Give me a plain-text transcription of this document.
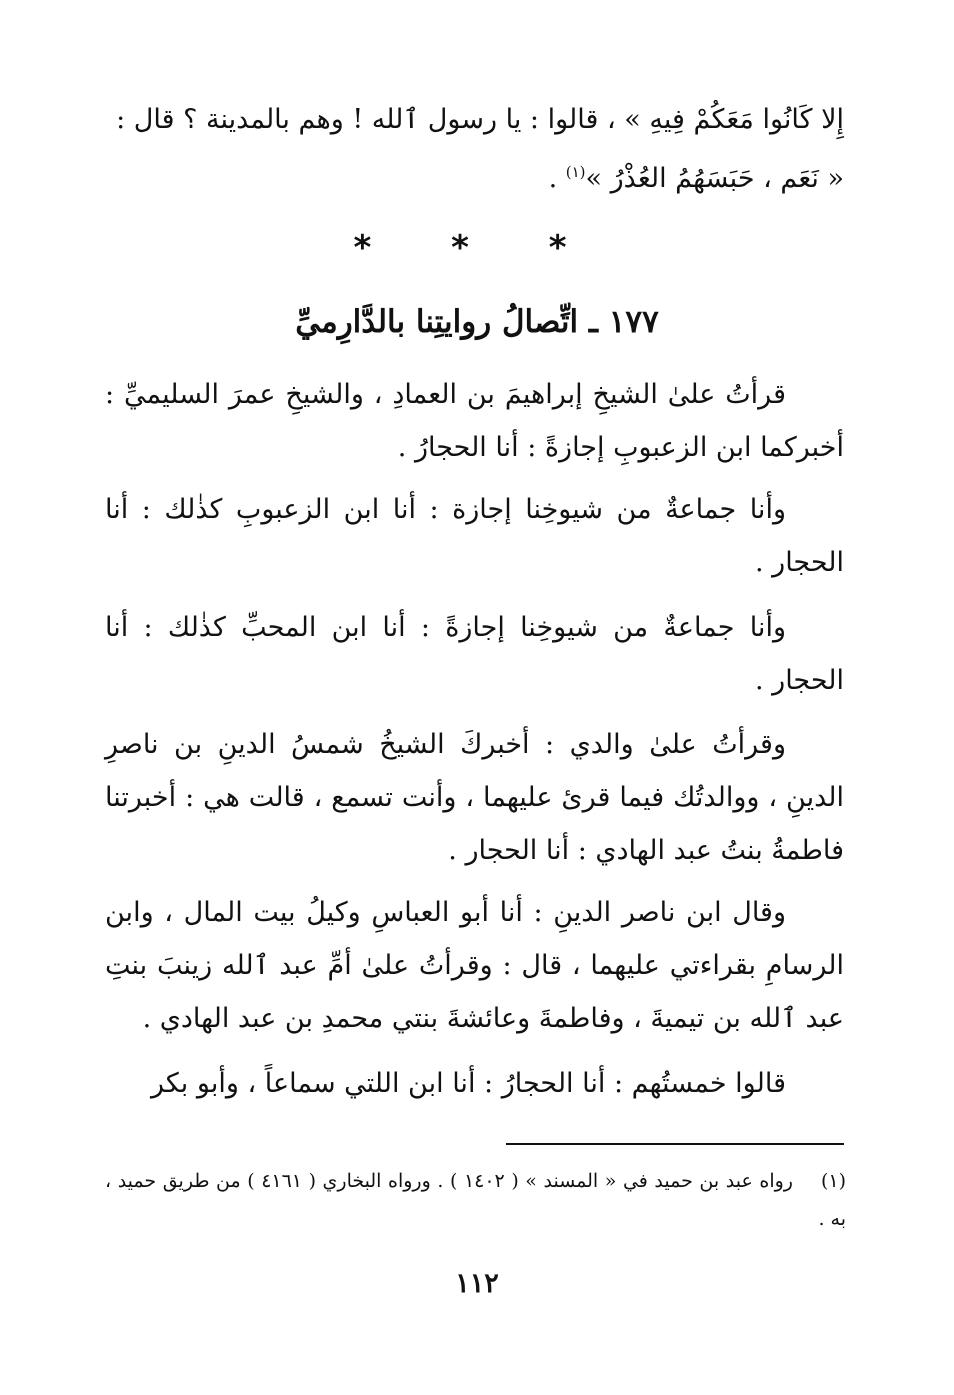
إِلا كَانُوا مَعَكُمْ فِيهِ » ، قالوا : يا رسول ٱلله ! وهم بالمدينة ؟ قال :

« نَعَم ، حَبَسَهُمُ العُذْرُ »$^{(١)}$ .

* * *
١٧٧ ـ اتِّصالُ روايتِنا بالدَّارِميِّ

قرأتُ علىٰ الشيخِ إبراهيمَ بن العمادِ ، والشيخِ عمرَ السليميِّ : أخبركما ابن الزعبوبِ إجازةً : أنا الحجارُ .

وأنا جماعةٌ من شيوخِنا إجازة : أنا ابن الزعبوبِ كذٰلك : أنا الحجار .

وأنا جماعةٌ من شيوخِنا إجازةً : أنا ابن المحبِّ كذٰلك : أنا الحجار .

وقرأتُ علىٰ والدي : أخبركَ الشيخُ شمسُ الدينِ بن ناصرِ الدينِ ، ووالدتُك فيما قرئ عليهما ، وأنت تسمع ، قالت هي : أخبرتنا فاطمةُ بنتُ عبد الهادي : أنا الحجار .

وقال ابن ناصر الدينِ : أنا أبو العباسِ وكيلُ بيت المال ، وابن الرسامِ بقراءتي عليهما ، قال : وقرأتُ علىٰ أمِّ عبد ٱلله زينبَ بنتِ عبد ٱلله بن تيميةَ ، وفاطمةَ وعائشةَ بنتي محمدِ بن عبد الهادي .

قالوا خمستُهم : أنا الحجارُ : أنا ابن اللتي سماعاً ، وأبو بكر

(١)رواه عبد بن حميد في « المسند » ( ١٤٠٢ ) . ورواه البخاري ( ٤١٦١ ) من طريق حميد ، به .

١١٢
